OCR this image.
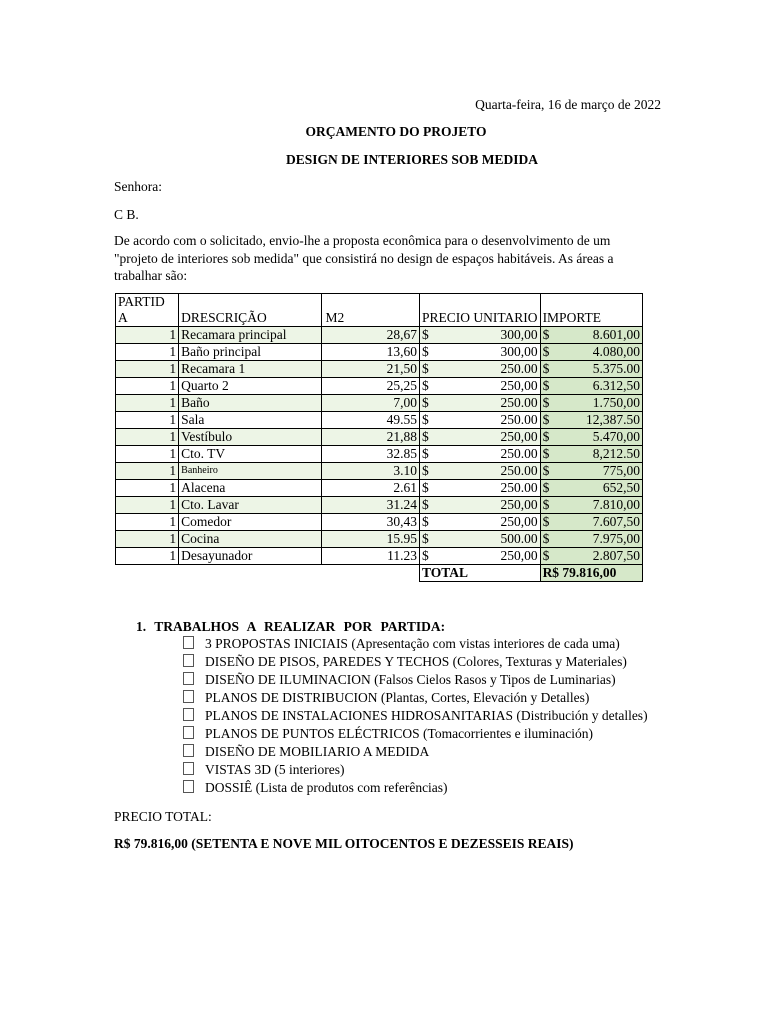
Quarta-feira, 16 de março de 2022
ORÇAMENTO DO PROJETO
DESIGN DE INTERIORES SOB MEDIDA
Senhora:
C B.
De acordo com o solicitado, envio-lhe a proposta econômica para o desenvolvimento de um "projeto de interiores sob medida" que consistirá no design de espaços habitáveis. As áreas a trabalhar são:
PARTID A	DRESCRIÇÃO	M2	PRECIO UNITARIO	IMPORTE
1	Recamara principal	28,67	$ 300,00	$ 8.601,00

1	Baño principal	13,60	$ 300,00	$ 4.080,00

1	Recamara 1	21,50	$ 250.00	$ 5.375.00

1	Quarto 2	25,25	$ 250,00	$ 6.312,50

1	Baño	7,00	$ 250.00	$ 1.750,00

1	Sala	49.55	$ 250.00	$ 12,387.50

1	Vestíbulo	21,88	$ 250,00	$ 5.470,00

1	Cto. TV	32.85	$ 250.00	$ 8,212.50

1	Banheiro	3.10	$ 250.00	$ 775,00

1	Alacena	2.61	$ 250.00	$ 652,50

1	Cto. Lavar	31.24	$ 250,00	$ 7.810,00

1	Comedor	30,43	$ 250,00	$ 7.607,50

1	Cocina	15.95	$ 500.00	$ 7.975,00

1	Desayunador	11.23	$ 250,00	$ 2.807,50

			TOTAL	R$ 79.816,00
1. TRABALHOS A REALIZAR POR PARTIDA:
3 PROPOSTAS INICIAIS (Apresentação com vistas interiores de cada uma)
DISEÑO DE PISOS, PAREDES Y TECHOS (Colores, Texturas y Materiales)
DISEÑO DE ILUMINACION (Falsos Cielos Rasos y Tipos de Luminarias)
PLANOS DE DISTRIBUCION (Plantas, Cortes, Elevación y Detalles)
PLANOS DE INSTALACIONES HIDROSANITARIAS (Distribución y detalles)
PLANOS DE PUNTOS ELÉCTRICOS (Tomacorrientes e iluminación)
DISEÑO DE MOBILIARIO A MEDIDA
VISTAS 3D (5 interiores)
DOSSIÊ (Lista de produtos com referências)
PRECIO TOTAL:
R$ 79.816,00 (SETENTA E NOVE MIL OITOCENTOS E DEZESSEIS REAIS)
